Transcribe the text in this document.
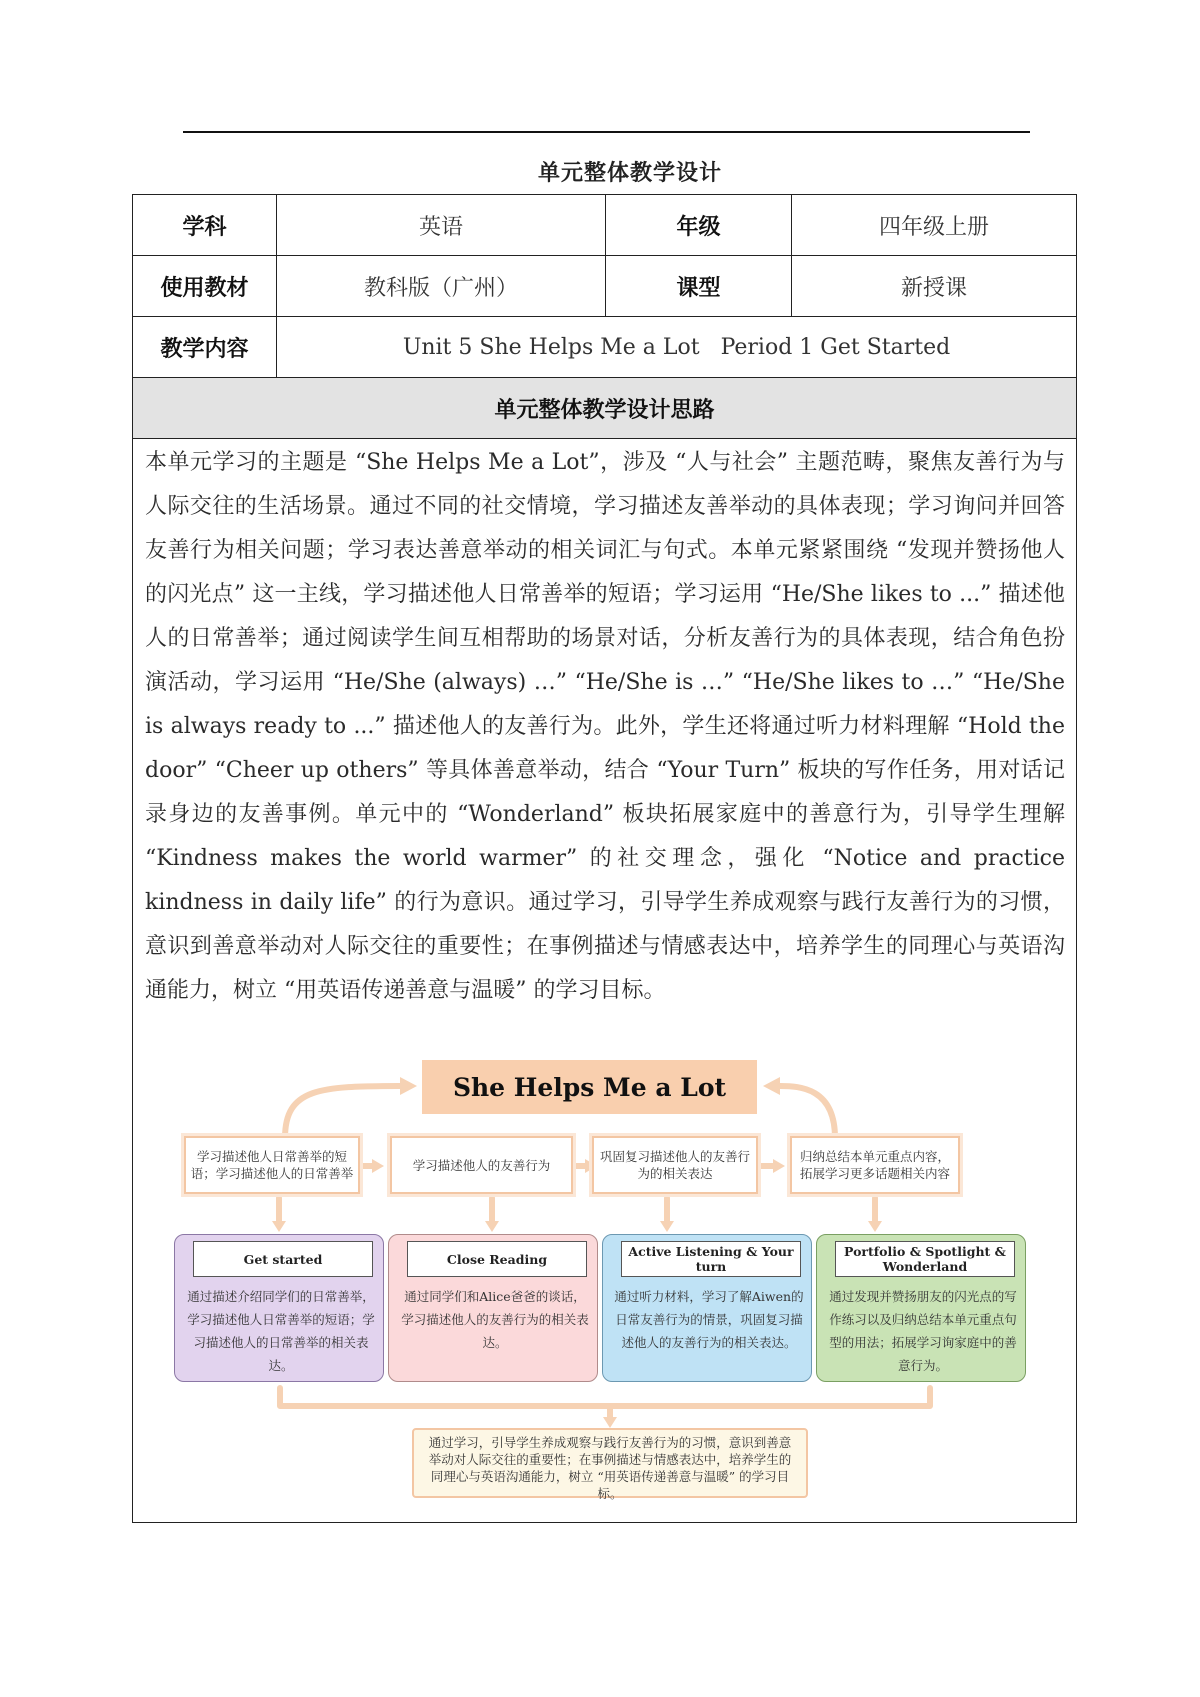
单元整体教学设计
学科	英语	年级	四年级上册
使用教材	教科版（广州）	课型	新授课
教学内容	Unit 5 She Helps Me a Lot   Period 1 Get Started		
单元整体教学设计思路			
本单元学习的主题是 “She Helps Me a Lot”，涉及 “人与社会” 主题范畴，聚焦友善行为与人际交往的生活场景。通过不同的社交情境，学习描述友善举动的具体表现；学习询问并回答友善行为相关问题；学习表达善意举动的相关词汇与句式。本单元紧紧围绕 “发现并赞扬他人的闪光点” 这一主线，学习描述他人日常善举的短语；学习运用 “He/She likes to ...” 描述他人的日常善举；通过阅读学生间互相帮助的场景对话，分析友善行为的具体表现，结合角色扮演活动，学习运用 “He/She (always) …” “He/She is …” “He/She likes to …” “He/She is always ready to ...” 描述他人的友善行为。此外，学生还将通过听力材料理解 “Hold the door” “Cheer up others” 等具体善意举动，结合 “Your Turn” 板块的写作任务，用对话记录身边的友善事例。单元中的 “Wonderland” 板块拓展家庭中的善意行为，引导学生理解 “Kindness makes the world warmer” 的社交理念，强化 “Notice and practice kindness in daily life” 的行为意识。通过学习，引导学生养成观察与践行友善行为的习惯，意识到善意举动对人际交往的重要性；在事例描述与情感表达中，培养学生的同理心与英语沟通能力，树立 “用英语传递善意与温暖” 的学习目标。
She Helps Me a Lot
学习描述他人日常善举的短语；学习描述他人的日常善举
学习描述他人的友善行为
巩固复习描述他人的友善行为的相关表达
归纳总结本单元重点内容，拓展学习更多话题相关内容
Get started
通过描述介绍同学们的日常善举，学习描述他人日常善举的短语；学习描述他人的日常善举的相关表达。
Close Reading
通过同学们和Alice爸爸的谈话，学习描述他人的友善行为的相关表达。
Active Listening & Your turn
通过听力材料，学习了解Aiwen的日常友善行为的情景，巩固复习描述他人的友善行为的相关表达。
Portfolio & Spotlight & Wonderland
通过发现并赞扬朋友的闪光点的写作练习以及归纳总结本单元重点句型的用法；拓展学习询家庭中的善意行为。
通过学习，引导学生养成观察与践行友善行为的习惯，意识到善意举动对人际交往的重要性；在事例描述与情感表达中，培养学生的同理心与英语沟通能力，树立 “用英语传递善意与温暖” 的学习目标。
